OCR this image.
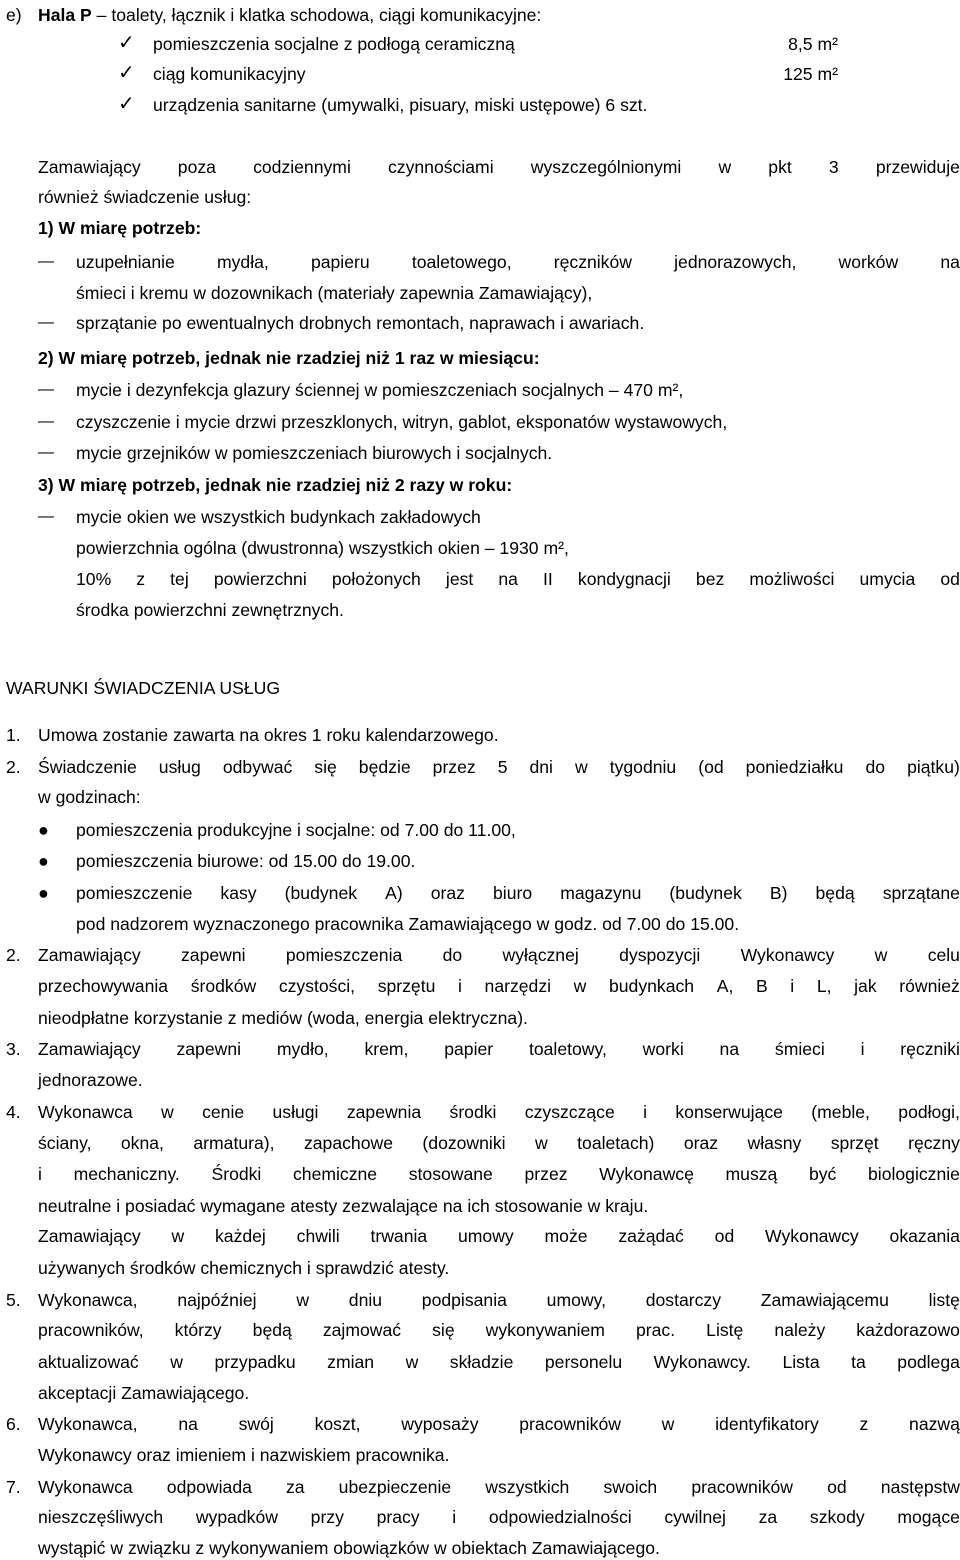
e) Hala P – toalety, łącznik i klatka schodowa, ciągi komunikacyjne:
✓ pomieszczenia socjalne z podłogą ceramiczną	8,5 m²
✓ ciąg komunikacyjny	125 m²
✓ urządzenia sanitarne (umywalki, pisuary, miski ustępowe) 6 szt.
Zamawiający poza codziennymi czynnościami wyszczególnionymi w pkt 3 przewiduje
również świadczenie usług:
1) W miarę potrzeb:
— uzupełnianie mydła, papieru toaletowego, ręczników jednorazowych, worków na
śmieci i kremu w dozownikach (materiały zapewnia Zamawiający),
— sprzątanie po ewentualnych drobnych remontach, naprawach i awariach.
2) W miarę potrzeb, jednak nie rzadziej niż 1 raz w miesiącu:
— mycie i dezynfekcja glazury ściennej w pomieszczeniach socjalnych – 470 m²,
— czyszczenie i mycie drzwi przeszklonych, witryn, gablot, eksponatów wystawowych,
— mycie grzejników w pomieszczeniach biurowych i socjalnych.
3) W miarę potrzeb, jednak nie rzadziej niż 2 razy w roku:
— mycie okien we wszystkich budynkach zakładowych
powierzchnia ogólna (dwustronna) wszystkich okien – 1930 m²,
10% z tej powierzchni położonych jest na II kondygnacji bez możliwości umycia od
środka powierzchni zewnętrznych.
WARUNKI ŚWIADCZENIA USŁUG
1. Umowa zostanie zawarta na okres 1 roku kalendarzowego.
2. Świadczenie usług odbywać się będzie przez 5 dni w tygodniu (od poniedziałku do piątku)
w godzinach:
● pomieszczenia produkcyjne i socjalne: od 7.00 do 11.00,
● pomieszczenia biurowe: od 15.00 do 19.00.
● pomieszczenie kasy (budynek A) oraz biuro magazynu (budynek B) będą sprzątane
pod nadzorem wyznaczonego pracownika Zamawiającego w godz. od 7.00 do 15.00.
2. Zamawiający zapewni pomieszczenia do wyłącznej dyspozycji Wykonawcy w celu
przechowywania środków czystości, sprzętu i narzędzi w budynkach A, B i L, jak również
nieodpłatne korzystanie z mediów (woda, energia elektryczna).
3. Zamawiający zapewni mydło, krem, papier toaletowy, worki na śmieci i ręczniki
jednorazowe.
4. Wykonawca w cenie usługi zapewnia środki czyszczące i konserwujące (meble, podłogi,
ściany, okna, armatura), zapachowe (dozowniki w toaletach) oraz własny sprzęt ręczny
i mechaniczny. Środki chemiczne stosowane przez Wykonawcę muszą być biologicznie
neutralne i posiadać wymagane atesty zezwalające na ich stosowanie w kraju.
Zamawiający w każdej chwili trwania umowy może zażądać od Wykonawcy okazania
używanych środków chemicznych i sprawdzić atesty.
5. Wykonawca, najpóźniej w dniu podpisania umowy, dostarczy Zamawiającemu listę
pracowników, którzy będą zajmować się wykonywaniem prac. Listę należy każdorazowo
aktualizować w przypadku zmian w składzie personelu Wykonawcy. Lista ta podlega
akceptacji Zamawiającego.
6. Wykonawca, na swój koszt, wyposaży pracowników w identyfikatory z nazwą
Wykonawcy oraz imieniem i nazwiskiem pracownika.
7. Wykonawca odpowiada za ubezpieczenie wszystkich swoich pracowników od następstw
nieszczęśliwych wypadków przy pracy i odpowiedzialności cywilnej za szkody mogące
wystąpić w związku z wykonywaniem obowiązków w obiektach Zamawiającego.
